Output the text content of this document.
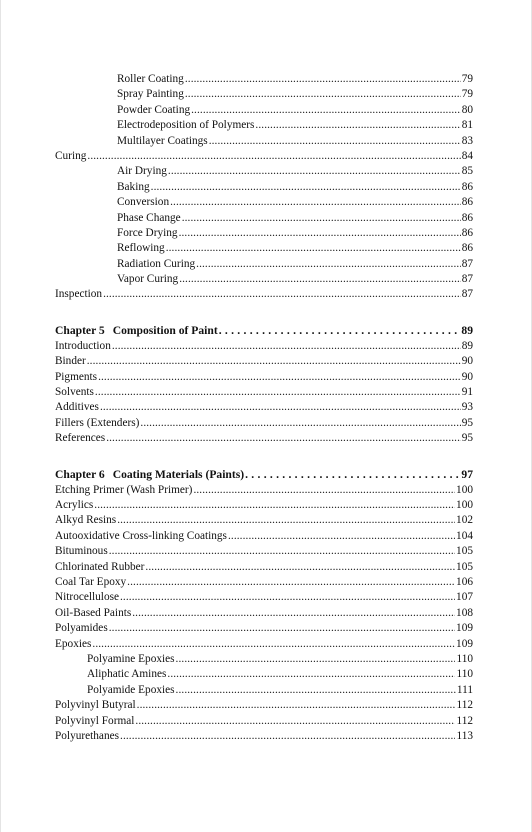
Roller Coating .....	79
Spray Painting .....	79
Powder Coating .....	80
Electrodeposition of Polymers .....	81
Multilayer Coatings .....	83
Curing .....	84
Air Drying .....	85
Baking .....	86
Conversion .....	86
Phase Change .....	86
Force Drying .....	86
Reflowing .....	86
Radiation Curing .....	87
Vapor Curing .....	87
Inspection .....	87
Chapter 5 Composition of Paint . . .	89
Introduction .....	89
Binder .....	90
Pigments .....	90
Solvents .....	91
Additives .....	93
Fillers (Extenders) .....	95
References .....	95
Chapter 6 Coating Materials (Paints) . . .	97
Etching Primer (Wash Primer) .....	100
Acrylics .....	100
Alkyd Resins .....	102
Autooxidative Cross-linking Coatings .....	104
Bituminous .....	105
Chlorinated Rubber .....	105
Coal Tar Epoxy .....	106
Nitrocellulose .....	107
Oil-Based Paints .....	108
Polyamides .....	109
Epoxies .....	109
Polyamine Epoxies .....	110
Aliphatic Amines .....	110
Polyamide Epoxies .....	111
Polyvinyl Butyral .....	112
Polyvinyl Formal .....	112
Polyurethanes .....	113
